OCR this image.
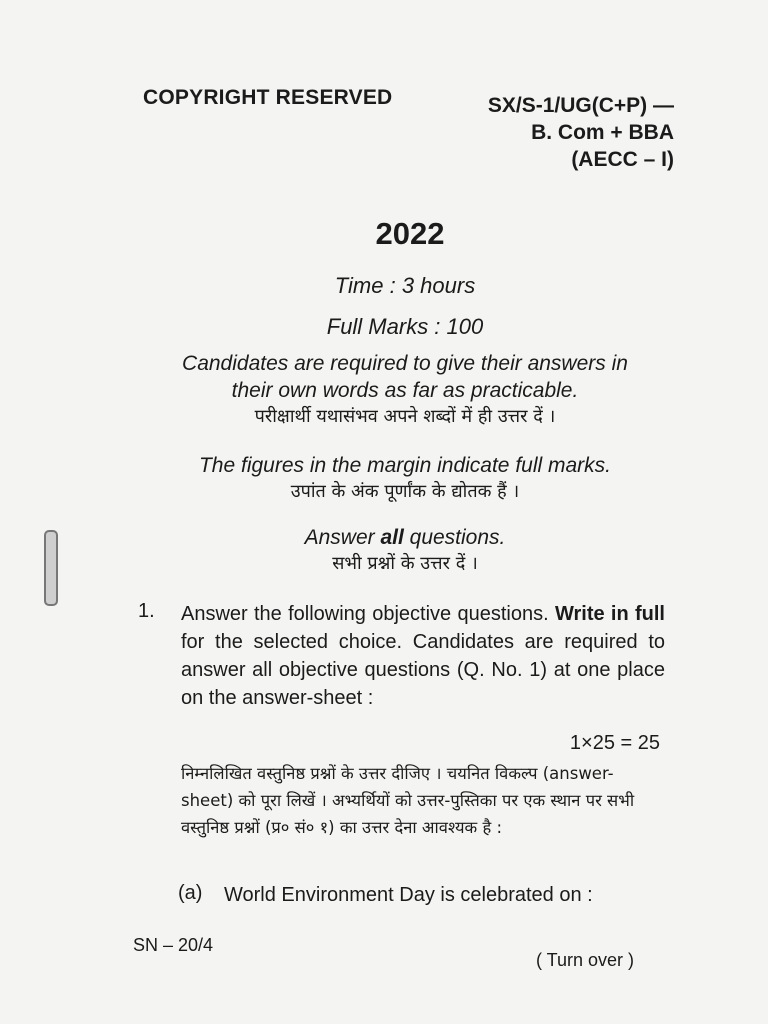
COPYRIGHT RESERVED	SX/S-1/UG(C+P) —
B. Com + BBA
(AECC – I)
2022
Time : 3 hours
Full Marks : 100
Candidates are required to give their answers in
their own words as far as practicable.
परीक्षार्थी यथासंभव अपने शब्दों में ही उत्तर दें ।
The figures in the margin indicate full marks.
उपांत के अंक पूर्णांक के द्योतक हैं ।
Answer all questions.
सभी प्रश्नों के उत्तर दें ।
1. Answer the following objective questions. Write in full for the selected choice. Candidates are required to answer all objective questions (Q. No. 1) at one place on the answer-sheet :
1×25 = 25
निम्नलिखित वस्तुनिष्ठ प्रश्नों के उत्तर दीजिए । चयनित विकल्प (answer-sheet) को पूरा लिखें । अभ्यर्थियों को उत्तर-पुस्तिका पर एक स्थान पर सभी वस्तुनिष्ठ प्रश्नों (प्र० सं० १) का उत्तर देना आवश्यक है :
(a) World Environment Day is celebrated on :
SN – 20/4
( Turn over )
